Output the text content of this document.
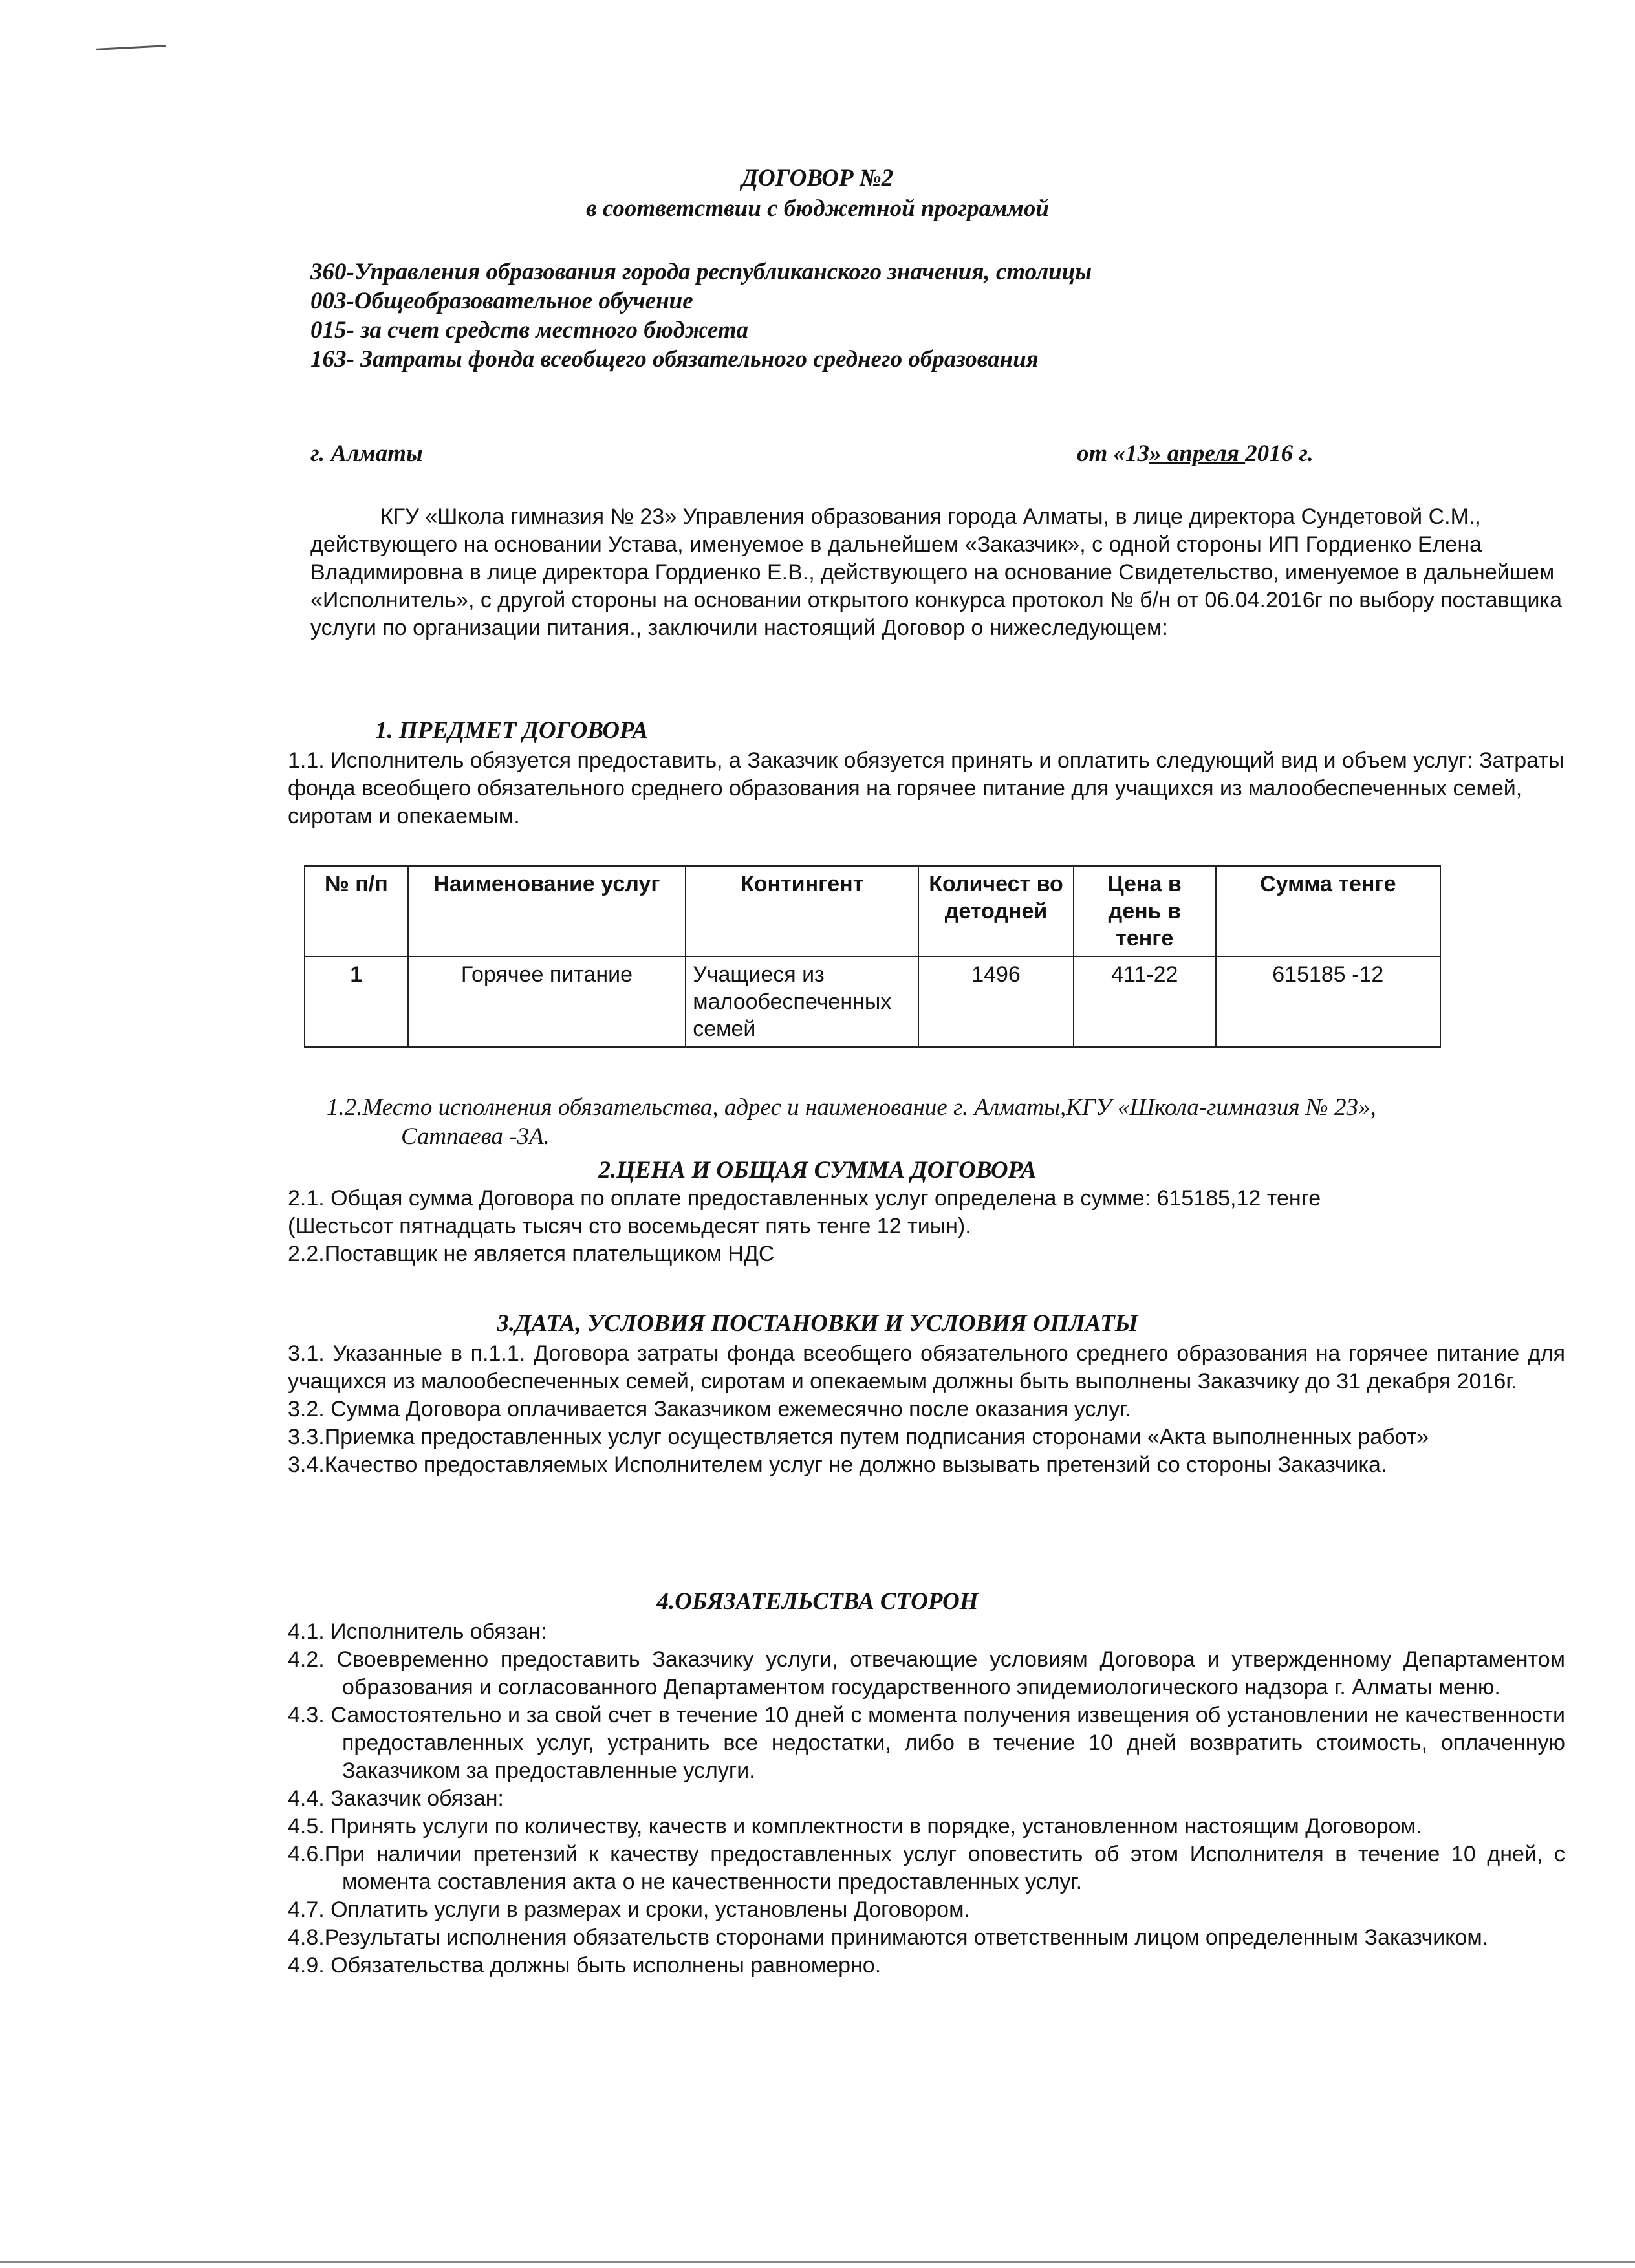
ДОГОВОР №2
в соответствии с бюджетной программой
360-Управления образования города республиканского значения, столицы
003-Общеобразовательное обучение
015- за счет средств местного бюджета
163- Затраты фонда всеобщего обязательного среднего образования
г. Алматы	от «13» апреля 2016 г.
КГУ «Школа гимназия № 23» Управления образования города Алматы, в лице директора Сундетовой С.М., действующего на основании Устава, именуемое в дальнейшем «Заказчик», с одной стороны ИП Гордиенко Елена Владимировна в лице директора Гордиенко Е.В., действующего на основание Свидетельство, именуемое в дальнейшем «Исполнитель», с другой стороны на основании открытого конкурса протокол № б/н от 06.04.2016г по выбору поставщика услуги по организации питания., заключили настоящий Договор о нижеследующем:
1. ПРЕДМЕТ ДОГОВОРА
1.1. Исполнитель обязуется предоставить, а Заказчик обязуется принять и оплатить следующий вид и объем услуг: Затраты фонда всеобщего обязательного среднего образования на горячее питание для учащихся из малообеспеченных семей, сиротам и опекаемым.
№ п/п	Наименование услуг	Контингент	Количест во детодней	Цена в день в тенге	Сумма тенге
1	Горячее питание	Учащиеся из малообеспеченных семей	1496	411-22	615185 -12
1.2.Место исполнения обязательства, адрес и наименование г. Алматы,КГУ «Школа-гимназия № 23»,
Сатпаева -3А.
2.ЦЕНА И ОБЩАЯ СУММА ДОГОВОРА
2.1. Общая сумма Договора по оплате предоставленных услуг определена в сумме: 615185,12 тенге
(Шестьсот пятнадцать тысяч сто восемьдесят пять тенге 12 тиын).
2.2.Поставщик не является плательщиком НДС
3.ДАТА, УСЛОВИЯ ПОСТАНОВКИ И УСЛОВИЯ ОПЛАТЫ
3.1. Указанные в п.1.1. Договора затраты фонда всеобщего обязательного среднего образования на горячее питание для учащихся из малообеспеченных семей, сиротам и опекаемым должны быть выполнены Заказчику до 31 декабря 2016г.
3.2. Сумма Договора оплачивается Заказчиком ежемесячно после оказания услуг.
3.3.Приемка предоставленных услуг осуществляется путем подписания сторонами «Акта выполненных работ»
3.4.Качество предоставляемых Исполнителем услуг не должно вызывать претензий со стороны Заказчика.
4.ОБЯЗАТЕЛЬСТВА СТОРОН
4.1. Исполнитель обязан:
4.2. Своевременно предоставить Заказчику услуги, отвечающие условиям Договора и утвержденному Департаментом образования и согласованного Департаментом государственного эпидемиологического надзора г. Алматы меню.
4.3. Самостоятельно и за свой счет в течение 10 дней с момента получения извещения об установлении не качественности предоставленных услуг, устранить все недостатки, либо в течение 10 дней возвратить стоимость, оплаченную Заказчиком за предоставленные услуги.
4.4. Заказчик обязан:
4.5. Принять услуги по количеству, качеств и комплектности в порядке, установленном настоящим Договором.
4.6.При наличии претензий к качеству предоставленных услуг оповестить об этом Исполнителя в течение 10 дней, с момента составления акта о не качественности предоставленных услуг.
4.7. Оплатить услуги в размерах и сроки, установлены Договором.
4.8.Результаты исполнения обязательств сторонами принимаются ответственным лицом определенным Заказчиком.
4.9. Обязательства должны быть исполнены равномерно.
